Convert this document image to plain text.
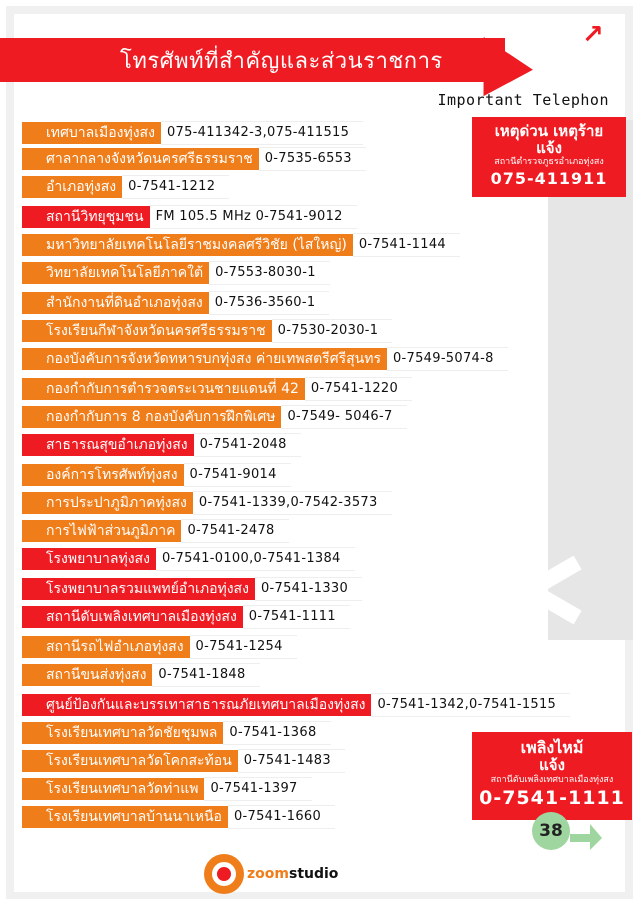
โทรศัพท์ที่สำคัญและส่วนราชการ
↗
Important Telephon
เทศบาลเมืองทุ่งสง 075-411342-3,075-411515
ศาลากลางจังหวัดนครศรีธรรมราช 0-7535-6553
อำเภอทุ่งสง 0-7541-1212
สถานีวิทยุชุมชน FM 105.5 MHz 0-7541-9012
มหาวิทยาลัยเทคโนโลยีราชมงคลศรีวิชัย (ไสใหญ่) 0-7541-1144
วิทยาลัยเทคโนโลยีภาคใต้ 0-7553-8030-1
สำนักงานที่ดินอำเภอทุ่งสง 0-7536-3560-1
โรงเรียนกีฬาจังหวัดนครศรีธรรมราช 0-7530-2030-1
กองบังคับการจังหวัดทหารบกทุ่งสง ค่ายเทพสตรีศรีสุนทร 0-7549-5074-8
กองกำกับการตำรวจตระเวนชายแดนที่ 42 0-7541-1220
กองกำกับการ 8 กองบังคับการฝึกพิเศษ 0-7549- 5046-7
สาธารณสุขอำเภอทุ่งสง 0-7541-2048
องค์การโทรศัพท์ทุ่งสง 0-7541-9014
การประปาภูมิภาคทุ่งสง 0-7541-1339,0-7542-3573
การไฟฟ้าส่วนภูมิภาค 0-7541-2478
โรงพยาบาลทุ่งสง 0-7541-0100,0-7541-1384
โรงพยาบาลรวมแพทย์อำเภอทุ่งสง 0-7541-1330
สถานีดับเพลิงเทศบาลเมืองทุ่งสง 0-7541-1111
สถานีรถไฟอำเภอทุ่งสง 0-7541-1254
สถานีขนส่งทุ่งสง 0-7541-1848
ศูนย์ป้องกันและบรรเทาสาธารณภัยเทศบาลเมืองทุ่งสง 0-7541-1342,0-7541-1515
โรงเรียนเทศบาลวัดชัยชุมพล 0-7541-1368
โรงเรียนเทศบาลวัดโคกสะท้อน 0-7541-1483
โรงเรียนเทศบาลวัดท่าแพ 0-7541-1397
โรงเรียนเทศบาลบ้านนาเหนือ 0-7541-1660
เหตุด่วน เหตุร้าย
แจ้ง
สถานีตำรวจภูธรอำเภอทุ่งสง
075-411911
เพลิงไหม้
แจ้ง
สถานีดับเพลิงเทศบาลเมืองทุ่งสง
0-7541-1111
38
zoomstudio
